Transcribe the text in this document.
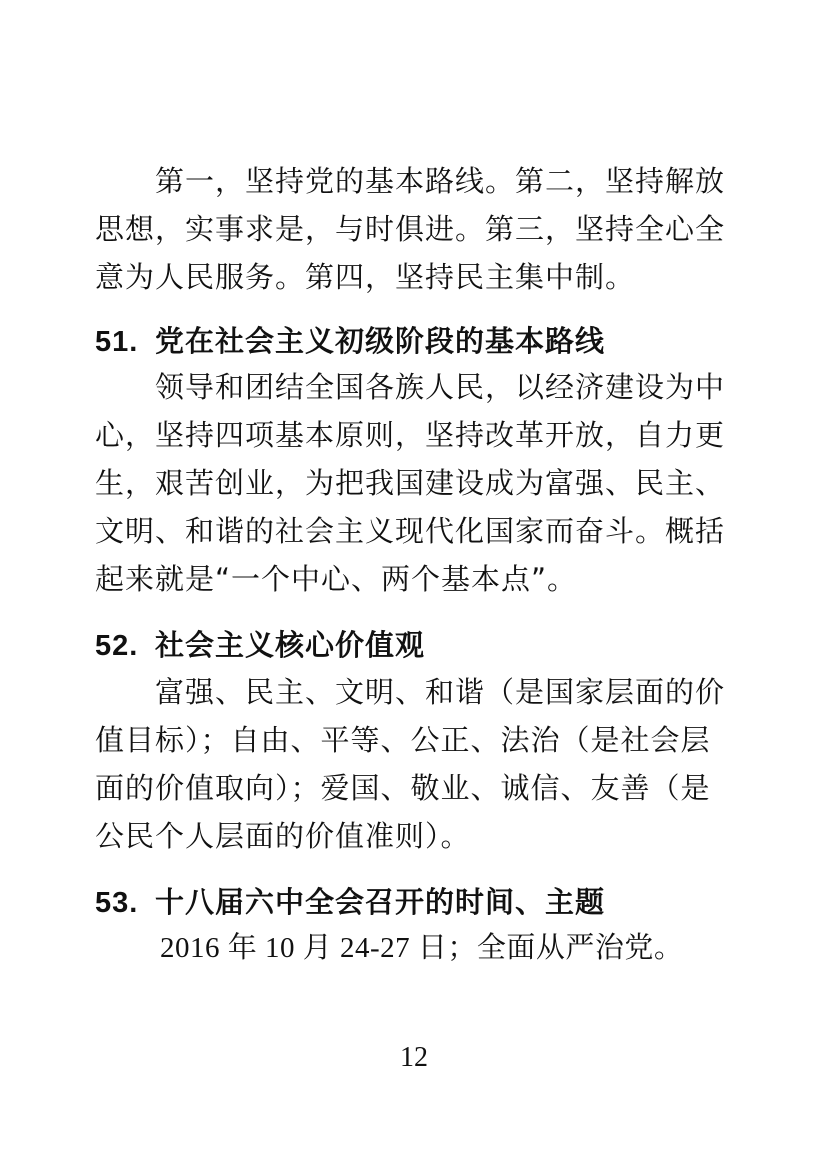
第一，坚持党的基本路线。第二，坚持解放思想，实事求是，与时俱进。第三，坚持全心全意为人民服务。第四，坚持民主集中制。

51. 党在社会主义初级阶段的基本路线

领导和团结全国各族人民，以经济建设为中心，坚持四项基本原则，坚持改革开放，自力更生，艰苦创业，为把我国建设成为富强、民主、文明、和谐的社会主义现代化国家而奋斗。概括起来就是“一个中心、两个基本点”。

52. 社会主义核心价值观

富强、民主、文明、和谐（是国家层面的价值目标）；自由、平等、公正、法治（是社会层面的价值取向）；爱国、敬业、诚信、友善（是公民个人层面的价值准则）。

53. 十八届六中全会召开的时间、主题

2016 年 10 月 24-27 日；全面从严治党。

12
